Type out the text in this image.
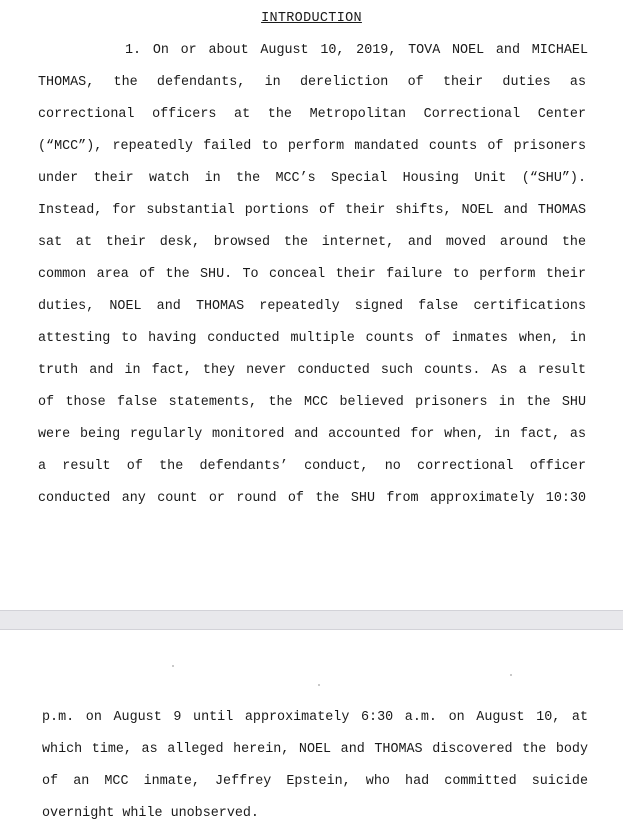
INTRODUCTION
1. On or about August 10, 2019, TOVA NOEL and MICHAEL
THOMAS, the defendants, in dereliction of their duties as
correctional officers at the Metropolitan Correctional Center
(“MCC”), repeatedly failed to perform mandated counts of prisoners
under their watch in the MCC’s Special Housing Unit (“SHU”).
Instead, for substantial portions of their shifts, NOEL and THOMAS
sat at their desk, browsed the internet, and moved around the
common area of the SHU. To conceal their failure to perform their
duties, NOEL and THOMAS repeatedly signed false certifications
attesting to having conducted multiple counts of inmates when, in
truth and in fact, they never conducted such counts. As a result
of those false statements, the MCC believed prisoners in the SHU
were being regularly monitored and accounted for when, in fact, as
a result of the defendants’ conduct, no correctional officer
conducted any count or round of the SHU from approximately 10:30
p.m. on August 9 until approximately 6:30 a.m. on August 10, at
which time, as alleged herein, NOEL and THOMAS discovered the body
of an MCC inmate, Jeffrey Epstein, who had committed suicide
overnight while unobserved.
